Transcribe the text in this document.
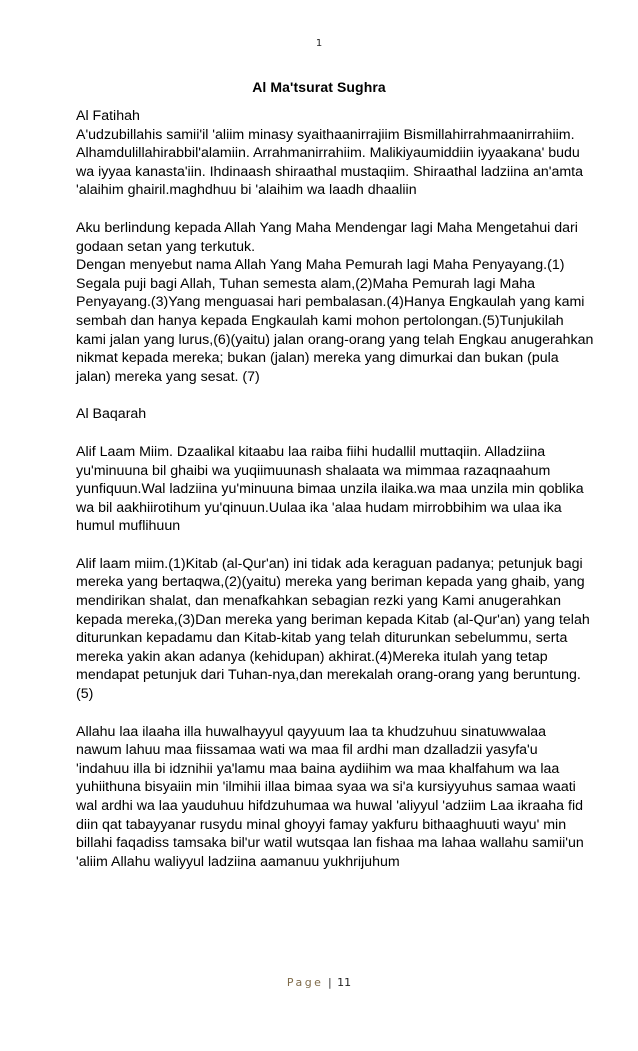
1
Al Ma'tsurat Sughra

Al Fatihah

A'udzubillahis samii'il 'aliim minasy syaithaanirrajiim Bismillahirrahmaanirrahiim. Alhamdulillahirabbil'alamiin. Arrahmanirrahiim. Malikiyaumiddiin iyyaakana' budu wa iyyaa kanasta'iin. Ihdinaash shiraathal mustaqiim. Shiraathal ladziina an'amta 'alaihim ghairil.maghdhuu bi 'alaihim wa laadh dhaaliin

Aku berlindung kepada Allah Yang Maha Mendengar lagi Maha Mengetahui dari godaan setan yang terkutuk.

Dengan menyebut nama Allah Yang Maha Pemurah lagi Maha Penyayang.(1) Segala puji bagi Allah, Tuhan semesta alam,(2)Maha Pemurah lagi Maha Penyayang.(3)Yang menguasai hari pembalasan.(4)Hanya Engkaulah yang kami sembah dan hanya kepada Engkaulah kami mohon pertolongan.(5)Tunjukilah kami jalan yang lurus,(6)(yaitu) jalan orang-orang yang telah Engkau anugerahkan nikmat kepada mereka; bukan (jalan) mereka yang dimurkai dan bukan (pula jalan) mereka yang sesat. (7)

Al Baqarah

Alif Laam Miim. Dzaalikal kitaabu laa raiba fiihi hudallil muttaqiin. Alladziina yu'minuuna bil ghaibi wa yuqiimuunash shalaata wa mimmaa razaqnaahum yunfiquun.Wal ladziina yu'minuuna bimaa unzila ilaika.wa maa unzila min qoblika wa bil aakhiirotihum yu'qinuun.Uulaa ika 'alaa hudam mirrobbihim wa ulaa ika humul muflihuun

Alif laam miim.(1)Kitab (al-Qur'an) ini tidak ada keraguan padanya; petunjuk bagi mereka yang bertaqwa,(2)(yaitu) mereka yang beriman kepada yang ghaib, yang mendirikan shalat, dan menafkahkan sebagian rezki yang Kami anugerahkan kepada mereka,(3)Dan mereka yang beriman kepada Kitab (al-Qur'an) yang telah diturunkan kepadamu dan Kitab-kitab yang telah diturunkan sebelummu, serta mereka yakin akan adanya (kehidupan) akhirat.(4)Mereka itulah yang tetap mendapat petunjuk dari Tuhan-nya,dan merekalah orang-orang yang beruntung.(5)

Allahu laa ilaaha illa huwalhayyul qayyuum laa ta khudzuhuu sinatuwwalaa nawum lahuu maa fiissamaa wati wa maa fil ardhi man dzalladzii yasyfa'u 'indahuu illa bi idznihii ya'lamu maa baina aydiihim wa maa khalfahum wa laa yuhiithuna bisyaiin min 'ilmihii illaa bimaa syaa wa si'a kursiyyuhus samaa waati wal ardhi wa laa yauduhuu hifdzuhumaa wa huwal 'aliyyul 'adziim Laa ikraaha fid diin qat tabayyanar rusydu minal ghoyyi famay yakfuru bithaaghuuti wayu' min billahi faqadiss tamsaka bil'ur watil wutsqaa lan fishaa ma lahaa wallahu samii'un 'aliim Allahu waliyyul ladziina aamanuu yukhrijuhum

Page | 11
